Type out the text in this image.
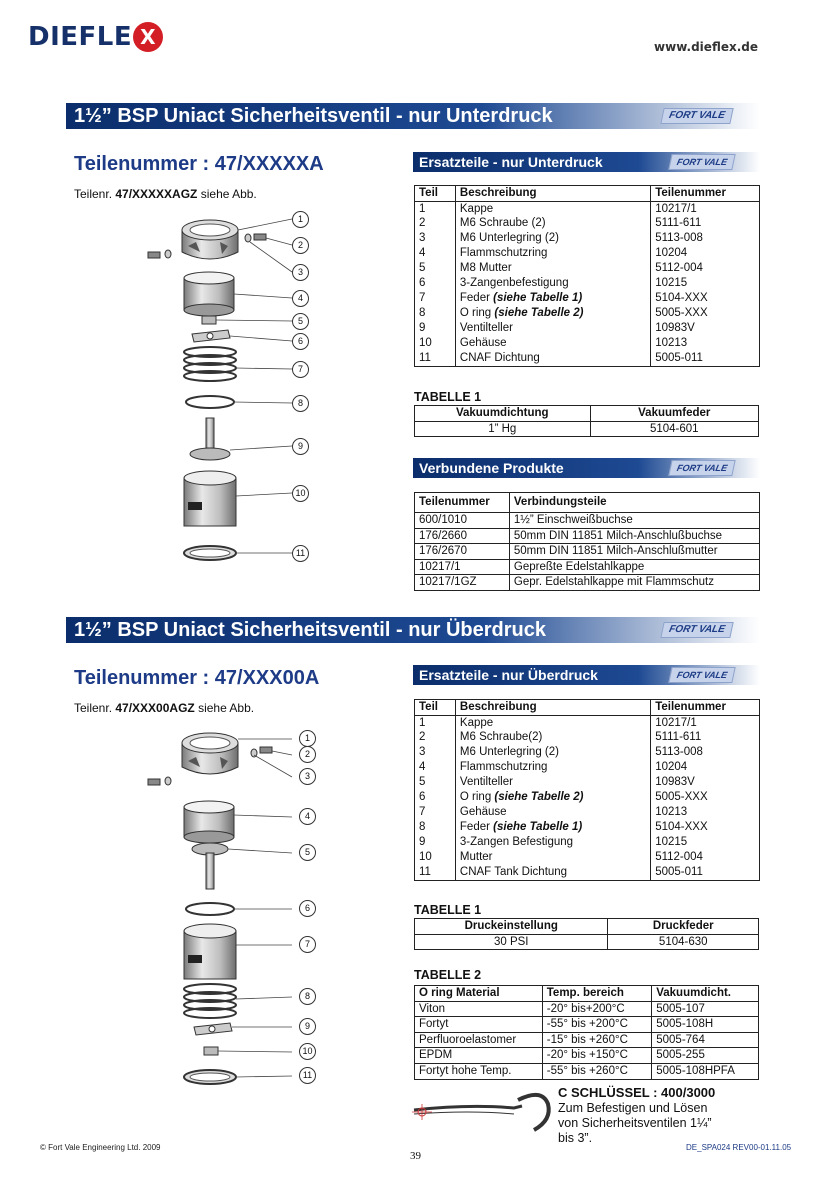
DIEFLE X	www.dieflex.de
1½” BSP Uniact Sicherheitsventil - nur Unterdruck	FORT VALE
Teilenummer : 47/XXXXXA
Teilenr. 47/XXXXXAGZ siehe Abb.
1
2
3
4
5
6
7
8
9
10
11
Ersatzteile - nur Unterdruck	FORT VALE
Teil	Beschreibung	Teilenummer
1	Kappe	10217/1
2	M6 Schraube (2)	5111-611
3	M6 Unterlegring (2)	5113-008
4	Flammschutzring	10204
5	M8 Mutter	5112-004
6	3-Zangenbefestigung	10215
7	Feder (siehe Tabelle 1)	5104-XXX
8	O ring (siehe Tabelle 2)	5005-XXX
9	Ventilteller	10983V
10	Gehäuse	10213
11	CNAF Dichtung	5005-011
TABELLE 1
Vakuumdichtung	Vakuumfeder
1” Hg	5104-601
Verbundene Produkte	FORT VALE
Teilenummer	Verbindungsteile
600/1010	1½” Einschweißbuchse
176/2660	50mm DIN 11851 Milch-Anschlußbuchse
176/2670	50mm DIN 11851 Milch-Anschlußmutter
10217/1	Gepreßte Edelstahlkappe
10217/1GZ	Gepr. Edelstahlkappe mit Flammschutz
1½” BSP Uniact Sicherheitsventil - nur Überdruck	FORT VALE
Teilenummer : 47/XXX00A
Teilenr. 47/XXX00AGZ siehe Abb.
1
2
3
4
5
6
7
8
9
10
11
Ersatzteile - nur Überdruck	FORT VALE
Teil	Beschreibung	Teilenummer
1	Kappe	10217/1
2	M6 Schraube(2)	5111-611
3	M6 Unterlegring (2)	5113-008
4	Flammschutzring	10204
5	Ventilteller	10983V
6	O ring (siehe Tabelle 2)	5005-XXX
7	Gehäuse	10213
8	Feder (siehe Tabelle 1)	5104-XXX
9	3-Zangen Befestigung	10215
10	Mutter	5112-004
11	CNAF Tank Dichtung	5005-011
TABELLE 1
Druckeinstellung	Druckfeder
30 PSI	5104-630
TABELLE 2
O ring Material	Temp. bereich	Vakuumdicht.
Viton	-20° bis+200°C	5005-107
Fortyt	-55° bis +200°C	5005-108H
Perfluoroelastomer	-15° bis +260°C	5005-764
EPDM	-20° bis +150°C	5005-255
Fortyt hohe Temp.	-55° bis +260°C	5005-108HPFA
C SCHLÜSSEL : 400/3000
Zum Befestigen und Lösen
von Sicherheitsventilen 1¼”
bis 3”.
© Fort Vale Engineering Ltd. 2009
39
DE_SPA024 REV00-01.11.05
